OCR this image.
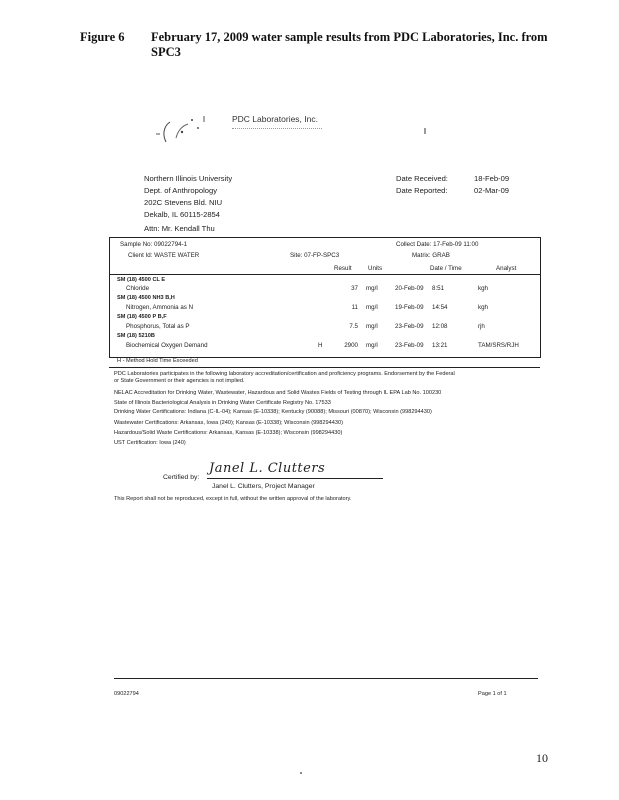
Figure 6 February 17, 2009 water sample results from PDC Laboratories, Inc. from
SPC3
PDC Laboratories, Inc.
Northern Illinois University
Dept. of Anthropology
202C Stevens Bld. NIU
Dekalb, IL 60115-2854
Attn: Mr. Kendall Thu
Date Received:	18-Feb-09
Date Reported:	02-Mar-09
Sample No: 09022794-1	Collect Date: 17-Feb-09 11:00
Client Id: WASTE WATER	Site: 07-FP-SPC3	Matrix: GRAB
Result	Units	Date / Time	Analyst
SM (18) 4500 CL E
Chloride	37 mg/l	20-Feb-09 8:51	kgh
SM (18) 4500 NH3 B,H
Nitrogen, Ammonia as N	11 mg/l	19-Feb-09 14:54	kgh
SM (18) 4500 P B,F
Phosphorus, Total as P	7.5 mg/l	23-Feb-09 12:08	rjh
SM (18) 5210B
Biochemical Oxygen Demand	H	2900 mg/l	23-Feb-09 13:21	TAM/SRS/RJH
H - Method Hold Time Exceeded
PDC Laboratories participates in the following laboratory accreditation/certification and proficiency programs. Endorsement by the Federal
or State Government or their agencies is not implied.
NELAC Accreditation for Drinking Water, Wastewater, Hazardous and Solid Wastes Fields of Testing through IL EPA Lab No. 100230
State of Illinois Bacteriological Analysis in Drinking Water Certificate Registry No. 17533
Drinking Water Certifications: Indiana (C-IL-04); Kansas (E-10338); Kentucky (90088); Missouri (00870); Wisconsin (998294430)
Wastewater Certifications: Arkansas, Iowa (240); Kansas (E-10338); Wisconsin (998294430)
Hazardous/Solid Waste Certifications: Arkansas, Kansas (E-10338); Wisconsin (998294430)
UST Certification: Iowa (240)
Certified by:
Janel L. Clutters
Janel L. Clutters, Project Manager
This Report shall not be reproduced, except in full, without the written approval of the laboratory.
09022794	Page 1 of 1
10
